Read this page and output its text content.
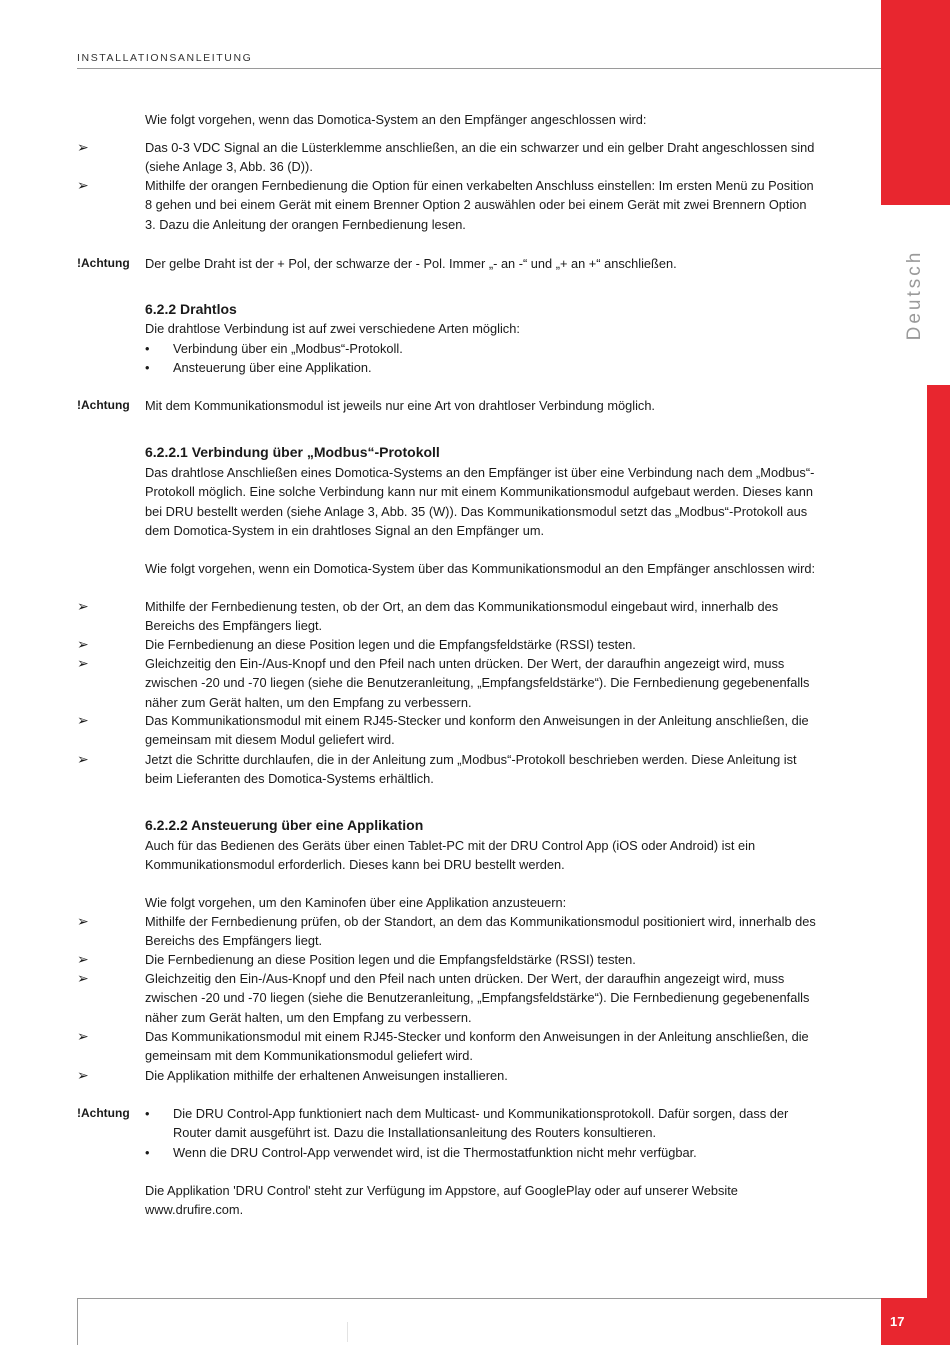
INSTALLATIONSANLEITUNG
Deutsch
17

Wie folgt vorgehen, wenn das Domotica-System an den Empfänger angeschlossen wird:

➢	Das 0-3 VDC Signal an die Lüsterklemme anschließen, an die ein schwarzer und ein gelber Draht angeschlossen sind (siehe Anlage 3, Abb. 36 (D)).

➢	Mithilfe der orangen Fernbedienung die Option für einen verkabelten Anschluss einstellen: Im ersten Menü zu Position 8 gehen und bei einem Gerät mit einem Brenner Option 2 auswählen oder bei einem Gerät mit zwei Brennern Option 3. Dazu die Anleitung der orangen Fernbedienung lesen.

!Achtung Der gelbe Draht ist der + Pol, der schwarze der - Pol. Immer „- an -“ und „+ an +“ anschließen.

6.2.2 Drahtlos

Die drahtlose Verbindung ist auf zwei verschiedene Arten möglich:

• Verbindung über ein „Modbus“-Protokoll.

• Ansteuerung über eine Applikation.

!Achtung Mit dem Kommunikationsmodul ist jeweils nur eine Art von drahtloser Verbindung möglich.

6.2.2.1 Verbindung über „Modbus“-Protokoll

Das drahtlose Anschließen eines Domotica-Systems an den Empfänger ist über eine Verbindung nach dem „Modbus“-Protokoll möglich. Eine solche Verbindung kann nur mit einem Kommunikationsmodul aufgebaut werden. Dieses kann bei DRU bestellt werden (siehe Anlage 3, Abb. 35 (W)). Das Kommunikationsmodul setzt das „Modbus“-Protokoll aus dem Domotica-System in ein drahtloses Signal an den Empfänger um.

Wie folgt vorgehen, wenn ein Domotica-System über das Kommunikationsmodul an den Empfänger anschlossen wird:

➢	Mithilfe der Fernbedienung testen, ob der Ort, an dem das Kommunikationsmodul eingebaut wird, innerhalb des Bereichs des Empfängers liegt.

➢	Die Fernbedienung an diese Position legen und die Empfangsfeldstärke (RSSI) testen.

➢	Gleichzeitig den Ein-/Aus-Knopf und den Pfeil nach unten drücken. Der Wert, der daraufhin angezeigt wird, muss zwischen -20 und -70 liegen (siehe die Benutzeranleitung, „Empfangsfeldstärke“). Die Fernbedienung gegebenenfalls näher zum Gerät halten, um den Empfang zu verbessern.

➢	Das Kommunikationsmodul mit einem RJ45-Stecker und konform den Anweisungen in der Anleitung anschließen, die gemeinsam mit diesem Modul geliefert wird.

➢	Jetzt die Schritte durchlaufen, die in der Anleitung zum „Modbus“-Protokoll beschrieben werden. Diese Anleitung ist beim Lieferanten des Domotica-Systems erhältlich.

6.2.2.2 Ansteuerung über eine Applikation

Auch für das Bedienen des Geräts über einen Tablet-PC mit der DRU Control App (iOS oder Android) ist ein Kommunikationsmodul erforderlich. Dieses kann bei DRU bestellt werden.

Wie folgt vorgehen, um den Kaminofen über eine Applikation anzusteuern:

➢	Mithilfe der Fernbedienung prüfen, ob der Standort, an dem das Kommunikationsmodul positioniert wird, innerhalb des Bereichs des Empfängers liegt.

➢	Die Fernbedienung an diese Position legen und die Empfangsfeldstärke (RSSI) testen.

➢	Gleichzeitig den Ein-/Aus-Knopf und den Pfeil nach unten drücken. Der Wert, der daraufhin angezeigt wird, muss zwischen -20 und -70 liegen (siehe die Benutzeranleitung, „Empfangsfeldstärke“). Die Fernbedienung gegebenenfalls näher zum Gerät halten, um den Empfang zu verbessern.

➢	Das Kommunikationsmodul mit einem RJ45-Stecker und konform den Anweisungen in der Anleitung anschließen, die gemeinsam mit dem Kommunikationsmodul geliefert wird.

➢	Die Applikation mithilfe der erhaltenen Anweisungen installieren.

!Achtung • Die DRU Control-App funktioniert nach dem Multicast- und Kommunikationsprotokoll. Dafür sorgen, dass der Router damit ausgeführt ist. Dazu die Installationsanleitung des Routers konsultieren.

• Wenn die DRU Control-App verwendet wird, ist die Thermostatfunktion nicht mehr verfügbar.

Die Applikation 'DRU Control' steht zur Verfügung im Appstore, auf GooglePlay oder auf unserer Website www.drufire.com.
